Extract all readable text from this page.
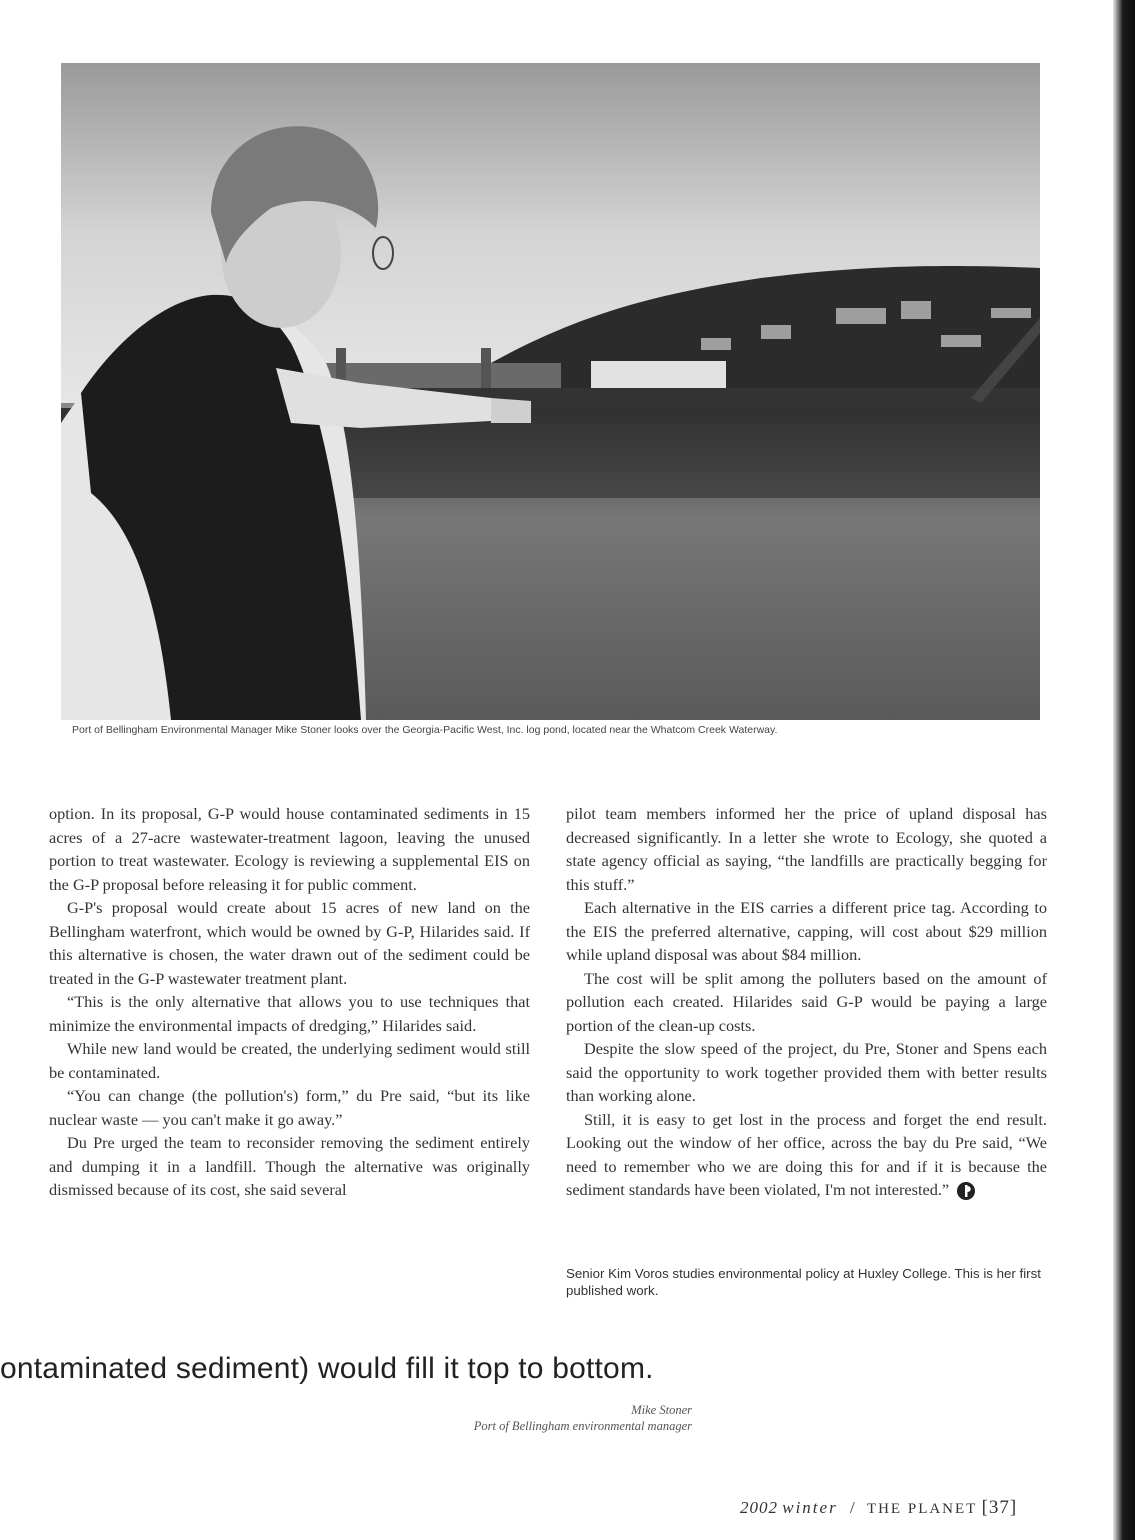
Port of Bellingham Environmental Manager Mike Stoner looks over the Georgia-Pacific West, Inc. log pond, located near the Whatcom Creek Waterway.

option. In its proposal, G-P would house contaminated sediments in 15 acres of a 27-acre wastewater-treatment lagoon, leaving the unused portion to treat wastewater. Ecology is reviewing a supplemental EIS on the G-P proposal before releasing it for public comment.

G-P's proposal would create about 15 acres of new land on the Bellingham waterfront, which would be owned by G-P, Hilarides said. If this alternative is chosen, the water drawn out of the sediment could be treated in the G-P wastewater treatment plant.

“This is the only alternative that allows you to use techniques that minimize the environmental impacts of dredging,” Hilarides said.

While new land would be created, the underlying sediment would still be contaminated.

“You can change (the pollution's) form,” du Pre said, “but its like nuclear waste — you can't make it go away.”

Du Pre urged the team to reconsider removing the sediment entirely and dumping it in a landfill. Though the alternative was originally dismissed because of its cost, she said several

pilot team members informed her the price of upland disposal has decreased significantly. In a letter she wrote to Ecology, she quoted a state agency official as saying, “the landfills are practically begging for this stuff.”

Each alternative in the EIS carries a different price tag. According to the EIS the preferred alternative, capping, will cost about $29 million while upland disposal was about $84 million.

The cost will be split among the polluters based on the amount of pollution each created. Hilarides said G-P would be paying a large portion of the clean-up costs.

Despite the slow speed of the project, du Pre, Stoner and Spens each said the opportunity to work together provided them with better results than working alone.

Still, it is easy to get lost in the process and forget the end result. Looking out the window of her office, across the bay du Pre said, “We need to remember who we are doing this for and if it is because the sediment standards have been violated, I'm not interested.”

Senior Kim Voros studies environmental policy at Huxley College. This is her first published work.
ontaminated sediment) would fill it top to bottom.
Mike Stoner
Port of Bellingham environmental manager
2002 winter / THE PLANET [37]
